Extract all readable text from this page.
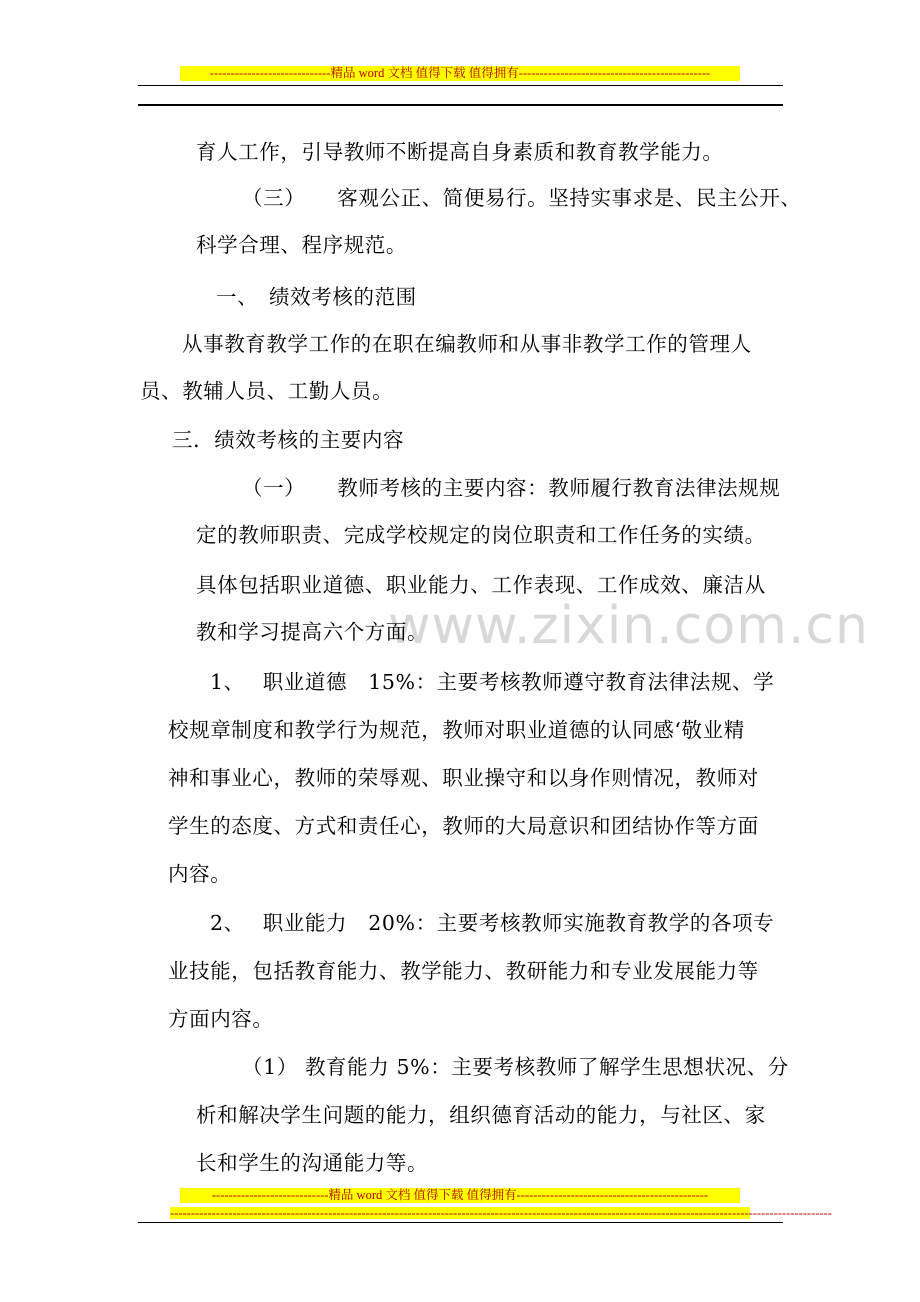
-----------------------------精品 word 文档 值得下载 值得拥有----------------------------------------------
www.zixin.com.cn
育人工作，引导教师不断提高自身素质和教育教学能力。
（三）　　客观公正、简便易行。坚持实事求是、民主公开、
科学合理、程序规范。
一、　绩效考核的范围
从事教育教学工作的在职在编教师和从事非教学工作的管理人
员、教辅人员、工勤人员。
三．绩效考核的主要内容
（一）　　教师考核的主要内容：教师履行教育法律法规规
定的教师职责、完成学校规定的岗位职责和工作任务的实绩。
具体包括职业道德、职业能力、工作表现、工作成效、廉洁从
教和学习提高六个方面。
1、　 职业道德　15%：主要考核教师遵守教育法律法规、学
校规章制度和教学行为规范，教师对职业道德的认同感‘敬业精
神和事业心，教师的荣辱观、职业操守和以身作则情况，教师对
学生的态度、方式和责任心，教师的大局意识和团结协作等方面
内容。
2、　 职业能力　20%：主要考核教师实施教育教学的各项专
业技能，包括教育能力、教学能力、教研能力和专业发展能力等
方面内容。
（1） 教育能力 5%：主要考核教师了解学生思想状况、分
析和解决学生问题的能力，组织德育活动的能力，与社区、家
长和学生的沟通能力等。
----------------------------精品 word 文档 值得下载 值得拥有----------------------------------------------
---------------------------------------------------------------------------------------------------------------------------------------------------------------
